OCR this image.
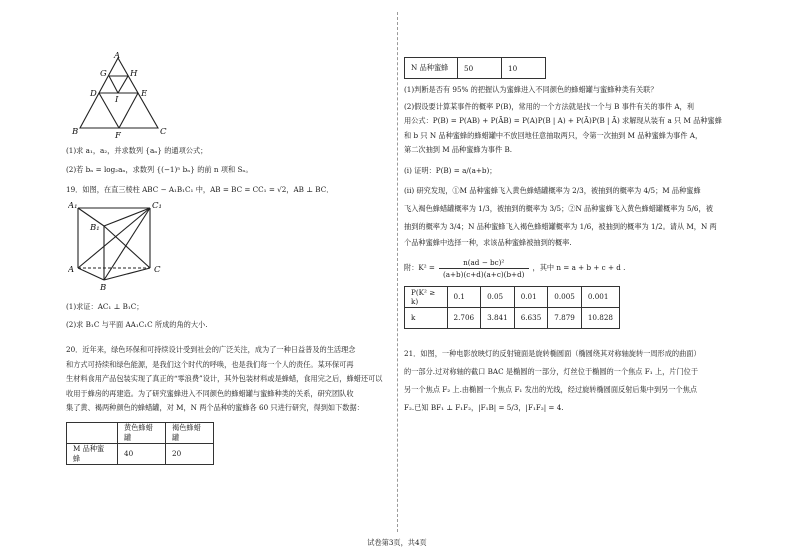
A
G	H
D
I
E
B	F	C

(1)求 a₁，a₂，并求数列 {aₙ} 的通项公式；

(2)若 bₙ = log₂aₙ，求数列 {(−1)ⁿ bₙ} 的前 n 项和 Sₙ。

19．如图，在直三棱柱 ABC − A₁B₁C₁ 中，AB = BC = CC₁ = √2，AB ⊥ BC．

A₁	C₁
B₁
C
A
B

(1)求证：AC₁ ⊥ B₁C；

(2)求 B₁C 与平面 AA₁C₁C 所成的角的大小.

20．近年来，绿色环保和可持续设计受到社会的广泛关注，成为了一种日益普及的生活理念

和方式可持续和绿色能源，是我们这个时代的呼唤，也是我们每一个人的责任。某环保可再

生材料食用产品包装实现了真正的“零浪费”设计，其外包装材料或是蜂蜡，食用完之后，蜂蜡还可以

收用于蜂房的再建造。为了研究蜜蜂进入不同颜色的蜂蜡罐与蜜蜂种类的关系，研究团队收

集了黄、褐两种颜色的蜂蜡罐，对 M，N 两个品种的蜜蜂各 60 只进行研究，得到如下数据：

	黄色蜂蜡罐	褐色蜂蜡罐
M 品种蜜蜂	40	20
N 品种蜜蜂	50	10

(1)判断是否有 95% 的把握认为蜜蜂进入不同颜色的蜂蜡罐与蜜蜂种类有关联？

(2)假设要计算某事件的概率 P(B)，常用的一个方法就是找一个与 B 事件有关的事件 A，利

用公式：P(B) = P(AB) + P(ĀB) = P(A)P(B | A) + P(Ā)P(B | Ā) 求解现从装有 a 只 M 品种蜜蜂

和 b 只 N 品种蜜蜂的蜂蜡罐中不放回地任意抽取两只，令第一次抽到 M 品种蜜蜂为事件 A，

第二次抽到 M 品种蜜蜂为事件 B.

(i) 证明：P(B) = a/(a+b)；

(ii) 研究发现，①M 品种蜜蜂飞入黄色蜂蜡罐概率为 2/3，被抽到的概率为 4/5；M 品种蜜蜂

飞入褐色蜂蜡罐概率为 1/3，被抽到的概率为 3/5；②N 品种蜜蜂飞入黄色蜂蜡罐概率为 5/6，被

抽到的概率为 3/4；N 品种蜜蜂飞入褐色蜂蜡罐概率为 1/6，被抽到的概率为 1/2。请从 M，N 两

个品种蜜蜂中选择一种，求该品种蜜蜂被抽到的概率.

附：$K^2 = \frac{\text{n(ad − bc)²}}{(a+b)(c+d)(a+c)(b+d)}$ ，其中 n = a + b + c + d .
P(K² ≥ k)	0.1	0.05	0.01	0.005	0.001
k	2.706	3.841	6.635	7.879	10.828

21．如图，一种电影放映灯的反射镜面是旋转椭圆面（椭圆绕其对称轴旋转一周形成的曲面）

的一部分.过对称轴的截口 BAC 是椭圆的一部分，灯丝位于椭圆的一个焦点 F₁ 上，片门位于

另一个焦点 F₂ 上.由椭圆一个焦点 F₁ 发出的光线，经过旋转椭圆面反射后集中到另一个焦点

F₂.已知 BF₁ ⊥ F₁F₂，|F₁B| = 5/3，|F₁F₂| = 4.

试卷第3页，共4页
